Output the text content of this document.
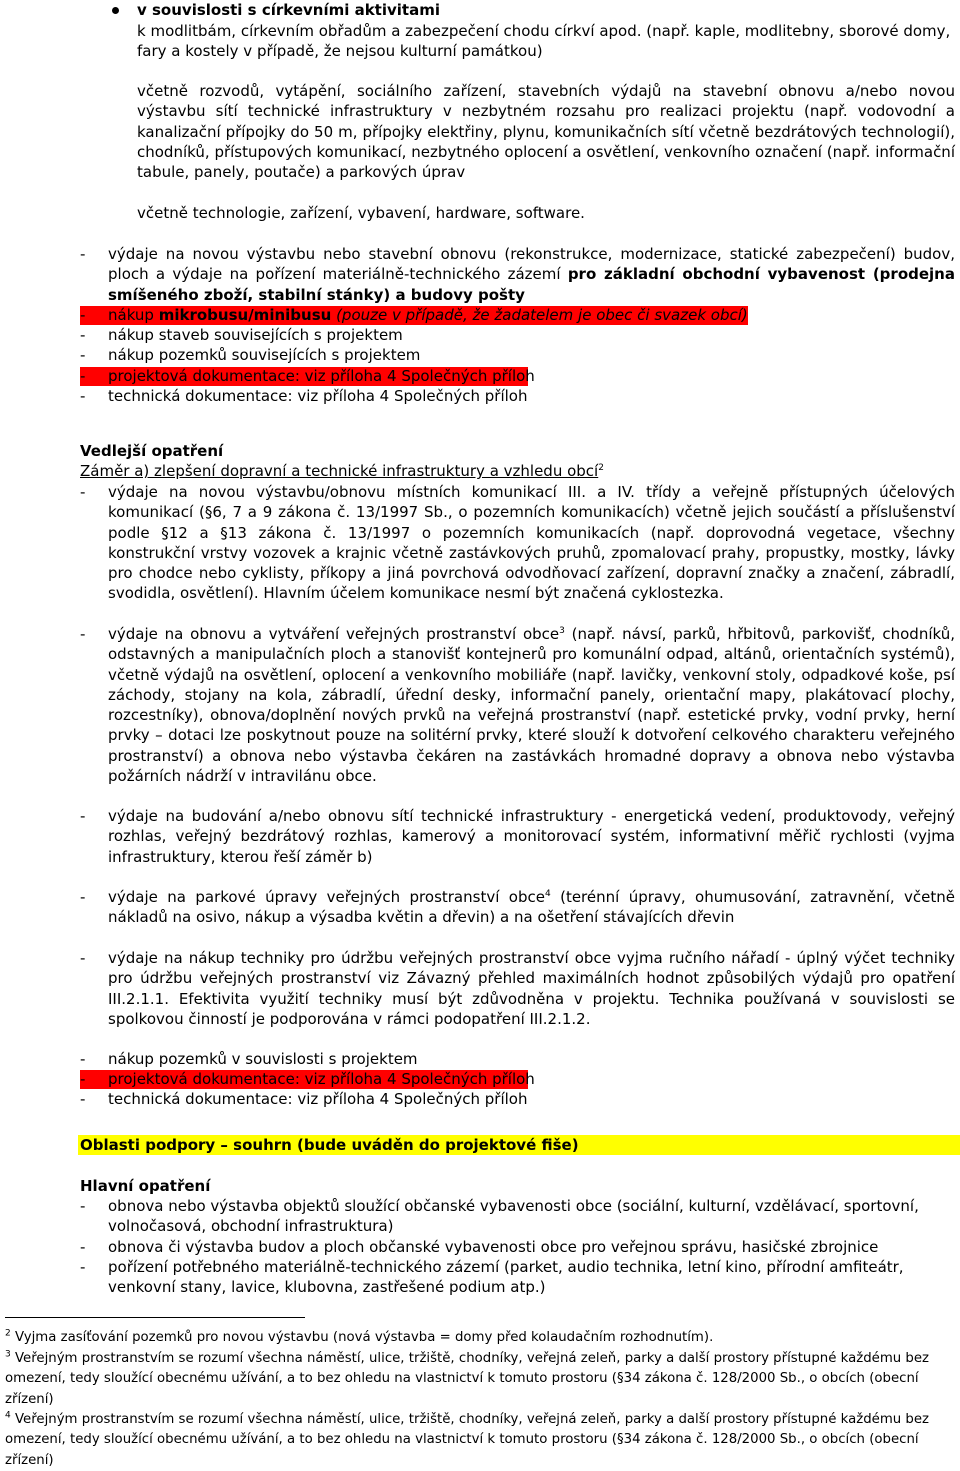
v souvislosti s církevními aktivitami
k modlitbám, církevním obřadům a zabezpečení chodu církví apod. (např. kaple, modlitebny, sborové domy,
fary a kostely v případě, že nejsou kulturní památkou)
včetně rozvodů, vytápění, sociálního zařízení, stavebních výdajů na stavební obnovu a/nebo novou výstavbu sítí technické infrastruktury v nezbytném rozsahu pro realizaci projektu (např. vodovodní a kanalizační přípojky do 50 m, přípojky elektřiny, plynu, komunikačních sítí včetně bezdrátových technologií), chodníků, přístupových komunikací, nezbytného oplocení a osvětlení, venkovního označení (např. informační tabule, panely, poutače) a parkových úprav
včetně technologie, zařízení, vybavení, hardware, software.
-	výdaje na novou výstavbu nebo stavební obnovu (rekonstrukce, modernizace, statické zabezpečení) budov, ploch a výdaje na pořízení materiálně-technického zázemí pro základní obchodní vybavenost (prodejna smíšeného zboží, stabilní stánky) a budovy pošty
-	nákup mikrobusu/minibusu (pouze v případě, že žadatelem je obec či svazek obcí)
-	nákup staveb souvisejících s projektem
-	nákup pozemků souvisejících s projektem
-	projektová dokumentace: viz příloha 4 Společných příloh
-	technická dokumentace: viz příloha 4 Společných příloh
Vedlejší opatření
Záměr a) zlepšení dopravní a technické infrastruktury a vzhledu obcí$^2$
-	výdaje na novou výstavbu/obnovu místních komunikací III. a IV. třídy a veřejně přístupných účelových komunikací (§6, 7 a 9 zákona č. 13/1997 Sb., o pozemních komunikacích) včetně jejich součástí a příslušenství podle §12 a §13 zákona č. 13/1997 o pozemních komunikacích (např. doprovodná vegetace, všechny konstrukční vrstvy vozovek a krajnic včetně zastávkových pruhů, zpomalovací prahy, propustky, mostky, lávky pro chodce nebo cyklisty, příkopy a jiná povrchová odvodňovací zařízení, dopravní značky a značení, zábradlí, svodidla, osvětlení). Hlavním účelem komunikace nesmí být značená cyklostezka.
-	výdaje na obnovu a vytváření veřejných prostranství obce$^3$ (např. návsí, parků, hřbitovů, parkovišť, chodníků, odstavných a manipulačních ploch a stanovišť kontejnerů pro komunální odpad, altánů, orientačních systémů), včetně výdajů na osvětlení, oplocení a venkovního mobiliáře (např. lavičky, venkovní stoly, odpadkové koše, psí záchody, stojany na kola, zábradlí, úřední desky, informační panely, orientační mapy, plakátovací plochy, rozcestníky), obnova/doplnění nových prvků na veřejná prostranství (např. estetické prvky, vodní prvky, herní prvky – dotaci lze poskytnout pouze na solitérní prvky, které slouží k dotvoření celkového charakteru veřejného prostranství) a obnova nebo výstavba čekáren na zastávkách hromadné dopravy a obnova nebo výstavba požárních nádrží v intravilánu obce.
-	výdaje na budování a/nebo obnovu sítí technické infrastruktury - energetická vedení, produktovody, veřejný rozhlas, veřejný bezdrátový rozhlas, kamerový a monitorovací systém, informativní měřič rychlosti (vyjma infrastruktury, kterou řeší záměr b)
-	výdaje na parkové úpravy veřejných prostranství obce$^4$ (terénní úpravy, ohumusování, zatravnění, včetně nákladů na osivo, nákup a výsadba květin a dřevin) a na ošetření stávajících dřevin
-	výdaje na nákup techniky pro údržbu veřejných prostranství obce vyjma ručního nářadí - úplný výčet techniky pro údržbu veřejných prostranství viz Závazný přehled maximálních hodnot způsobilých výdajů pro opatření III.2.1.1. Efektivita využití techniky musí být zdůvodněna v projektu. Technika používaná v souvislosti se spolkovou činností je podporována v rámci podopatření III.2.1.2.
-	nákup pozemků v souvislosti s projektem
-	projektová dokumentace: viz příloha 4 Společných příloh
-	technická dokumentace: viz příloha 4 Společných příloh
Oblasti podpory – souhrn (bude uváděn do projektové fiše)
Hlavní opatření
-	obnova nebo výstavba objektů sloužící občanské vybavenosti obce (sociální, kulturní, vzdělávací, sportovní, volnočasová, obchodní infrastruktura)
-	obnova či výstavba budov a ploch občanské vybavenosti obce pro veřejnou správu, hasičské zbrojnice
-	pořízení potřebného materiálně-technického zázemí (parket, audio technika, letní kino, přírodní amfiteátr, venkovní stany, lavice, klubovna, zastřešené podium atp.)
$^2$ Vyjma zasíťování pozemků pro novou výstavbu (nová výstavba = domy před kolaudačním rozhodnutím).
$^3$ Veřejným prostranstvím se rozumí všechna náměstí, ulice, tržiště, chodníky, veřejná zeleň, parky a další prostory přístupné každému bez omezení, tedy sloužící obecnému užívání, a to bez ohledu na vlastnictví k tomuto prostoru (§34 zákona č. 128/2000 Sb., o obcích (obecní zřízení)
$^4$ Veřejným prostranstvím se rozumí všechna náměstí, ulice, tržiště, chodníky, veřejná zeleň, parky a další prostory přístupné každému bez omezení, tedy sloužící obecnému užívání, a to bez ohledu na vlastnictví k tomuto prostoru (§34 zákona č. 128/2000 Sb., o obcích (obecní zřízení)
